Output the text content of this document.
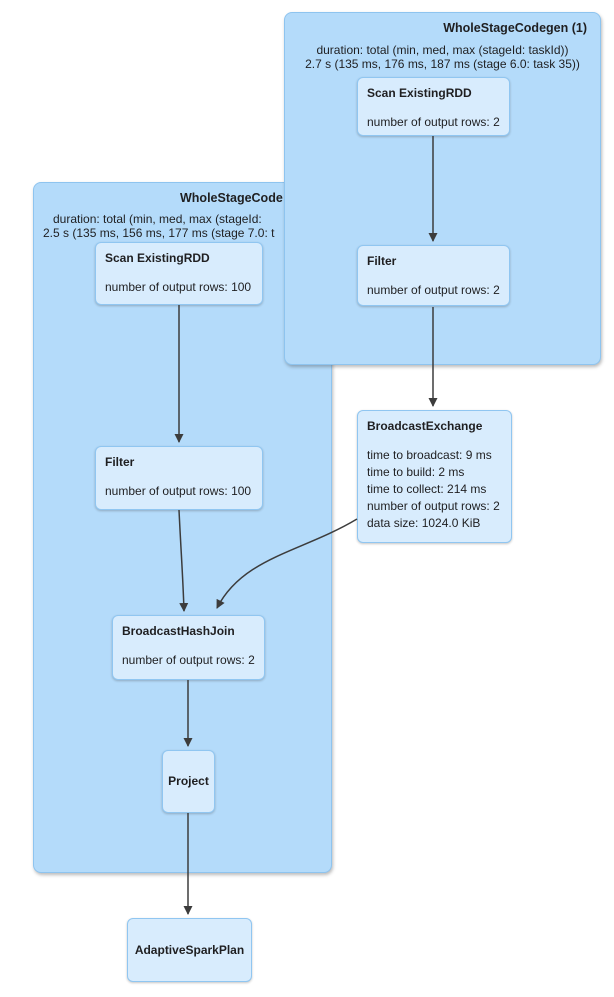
WholeStageCode
duration: total (min, med, max (stageId:
2.5 s (135 ms, 156 ms, 177 ms (stage 7.0: t
WholeStageCodegen (1)
duration: total (min, med, max (stageId: taskId))
2.7 s (135 ms, 176 ms, 187 ms (stage 6.0: task 35))
Scan ExistingRDD
number of output rows: 2
Filter
number of output rows: 2
BroadcastExchange
time to broadcast: 9 ms
time to build: 2 ms
time to collect: 214 ms
number of output rows: 2
data size: 1024.0 KiB
Scan ExistingRDD
number of output rows: 100
Filter
number of output rows: 100
BroadcastHashJoin
number of output rows: 2
Project
AdaptiveSparkPlan
